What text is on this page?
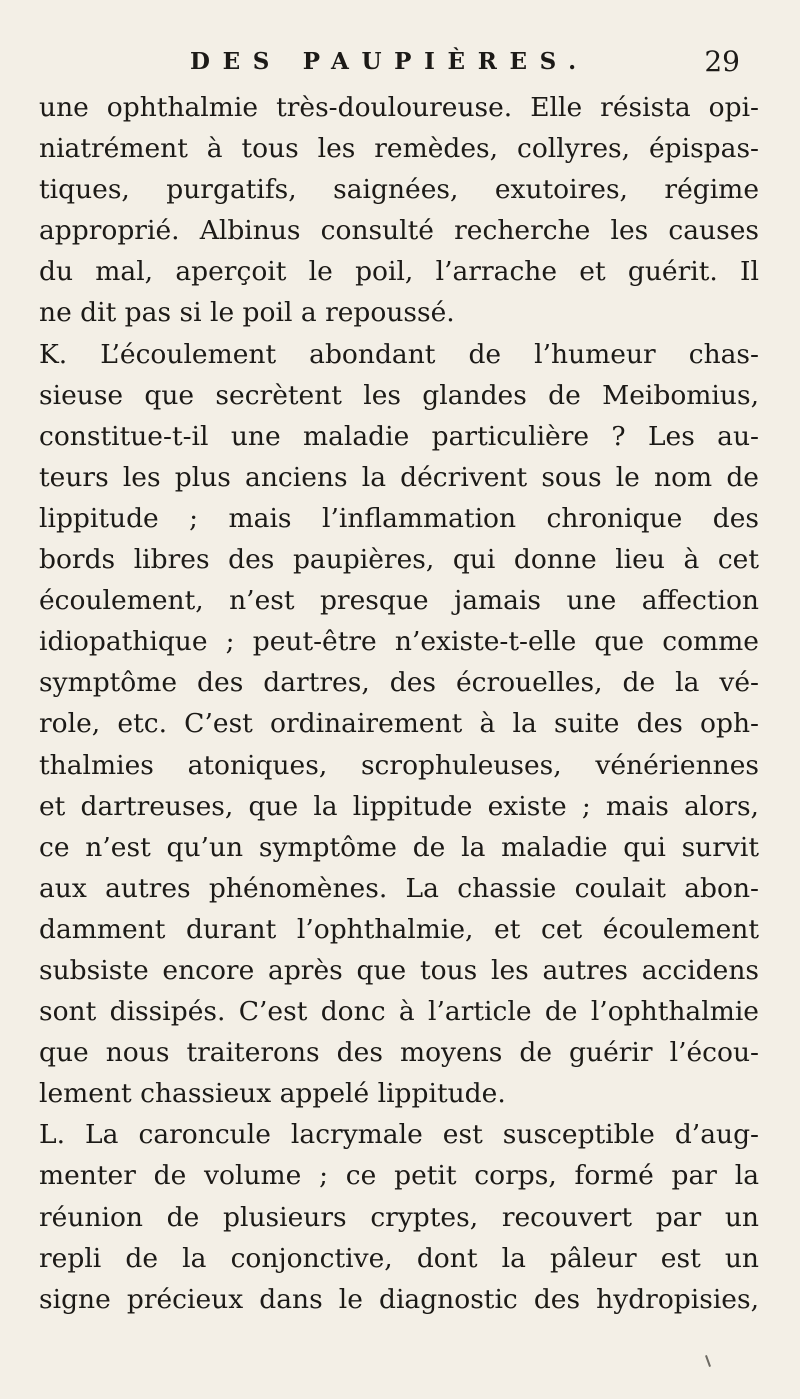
DES PAUPIÈRES.	29
une ophthalmie très-douloureuse. Elle résista opi-
niatrément à tous les remèdes, collyres, épispas-
tiques, purgatifs, saignées, exutoires, régime
approprié. Albinus consulté recherche les causes
du mal, aperçoit le poil, l’arrache et guérit. Il
ne dit pas si le poil a repoussé.
K. L’écoulement abondant de l’humeur chas-
sieuse que secrètent les glandes de Meibomius,
constitue-t-il une maladie particulière ? Les au-
teurs les plus anciens la décrivent sous le nom de
lippitude ; mais l’inflammation chronique des
bords libres des paupières, qui donne lieu à cet
écoulement, n’est presque jamais une affection
idiopathique ; peut-être n’existe-t-elle que comme
symptôme des dartres, des écrouelles, de la vé-
role, etc. C’est ordinairement à la suite des oph-
thalmies atoniques, scrophuleuses, vénériennes
et dartreuses, que la lippitude existe ; mais alors,
ce n’est qu’un symptôme de la maladie qui survit
aux autres phénomènes. La chassie coulait abon-
damment durant l’ophthalmie, et cet écoulement
subsiste encore après que tous les autres accidens
sont dissipés. C’est donc à l’article de l’ophthalmie
que nous traiterons des moyens de guérir l’écou-
lement chassieux appelé lippitude.
L. La caroncule lacrymale est susceptible d’aug-
menter de volume ; ce petit corps, formé par la
réunion de plusieurs cryptes, recouvert par un
repli de la conjonctive, dont la pâleur est un
signe précieux dans le diagnostic des hydropisies,
